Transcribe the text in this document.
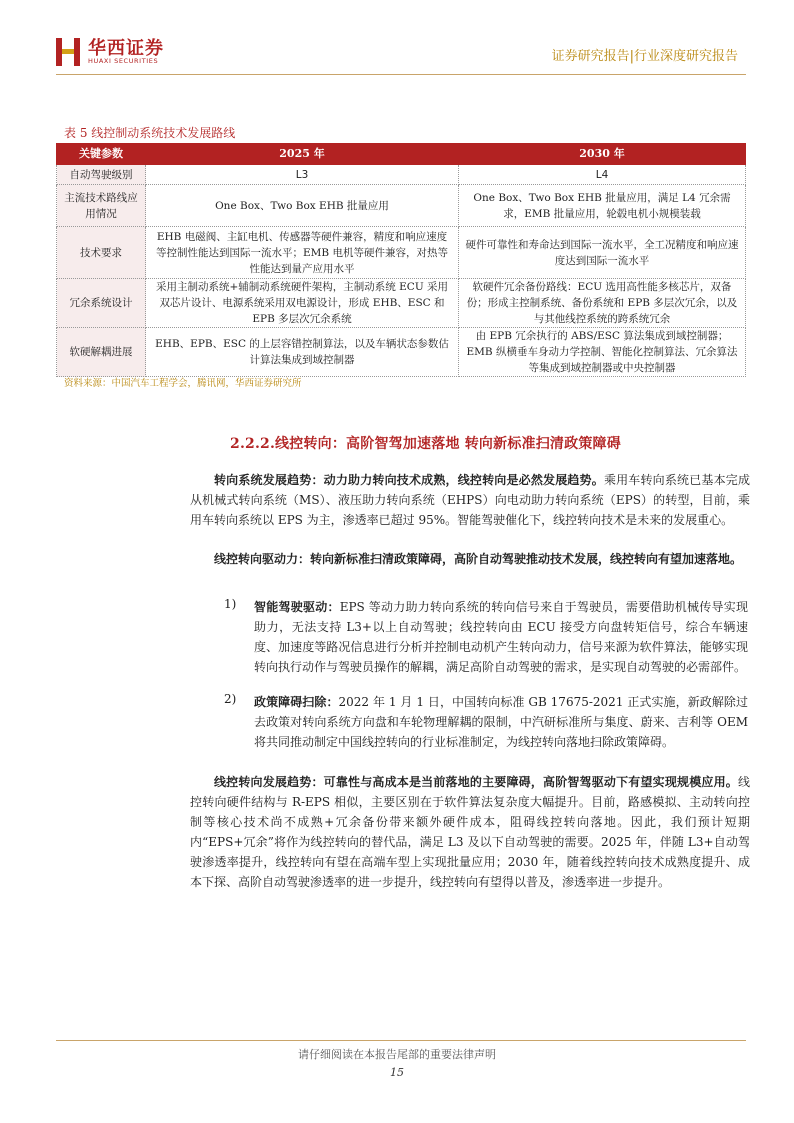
华西证券
HUAXI SECURITIES	证券研究报告|行业深度研究报告
表 5 线控制动系统技术发展路线
关键参数	2025 年	2030 年
自动驾驶级别	L3	L4
主流技术路线应用情况	One Box、Two Box EHB 批量应用	One Box、Two Box EHB 批量应用，满足 L4 冗余需求，EMB 批量应用，轮毂电机小规模装载
技术要求	EHB 电磁阀、主缸电机、传感器等硬件兼容，精度和响应速度等控制性能达到国际一流水平；EMB 电机等硬件兼容，对热等性能达到量产应用水平	硬件可靠性和寿命达到国际一流水平，全工况精度和响应速度达到国际一流水平
冗余系统设计	采用主制动系统+辅制动系统硬件架构，主制动系统 ECU 采用双芯片设计、电源系统采用双电源设计，形成 EHB、ESC 和 EPB 多层次冗余系统	软硬件冗余备份路线：ECU 选用高性能多核芯片，双备份；形成主控制系统、备份系统和 EPB 多层次冗余，以及与其他线控系统的跨系统冗余
软硬解耦进展	EHB、EPB、ESC 的上层容错控制算法，以及车辆状态参数估计算法集成到域控制器	由 EPB 冗余执行的 ABS/ESC 算法集成到域控制器；EMB 纵横垂车身动力学控制、智能化控制算法、冗余算法等集成到域控制器或中央控制器
资料来源：中国汽车工程学会，腾讯网，华西证券研究所
2.2.2.线控转向：高阶智驾加速落地 转向新标准扫清政策障碍
转向系统发展趋势：动力助力转向技术成熟，线控转向是必然发展趋势。乘用车转向系统已基本完成从机械式转向系统（MS）、液压助力转向系统（EHPS）向电动助力转向系统（EPS）的转型，目前，乘用车转向系统以 EPS 为主，渗透率已超过 95%。智能驾驶催化下，线控转向技术是未来的发展重心。
线控转向驱动力：转向新标准扫清政策障碍，高阶自动驾驶推动技术发展，线控转向有望加速落地。
1) 智能驾驶驱动：EPS 等动力助力转向系统的转向信号来自于驾驶员，需要借助机械传导实现助力，无法支持 L3+以上自动驾驶；线控转向由 ECU 接受方向盘转矩信号，综合车辆速度、加速度等路况信息进行分析并控制电动机产生转向动力，信号来源为软件算法，能够实现转向执行动作与驾驶员操作的解耦，满足高阶自动驾驶的需求，是实现自动驾驶的必需部件。
2) 政策障碍扫除：2022 年 1 月 1 日，中国转向标准 GB 17675-2021 正式实施，新政解除过去政策对转向系统方向盘和车轮物理解耦的限制，中汽研标准所与集度、蔚来、吉利等 OEM 将共同推动制定中国线控转向的行业标准制定，为线控转向落地扫除政策障碍。
线控转向发展趋势：可靠性与高成本是当前落地的主要障碍，高阶智驾驱动下有望实现规模应用。线控转向硬件结构与 R-EPS 相似，主要区别在于软件算法复杂度大幅提升。目前，路感模拟、主动转向控制等核心技术尚不成熟+冗余备份带来额外硬件成本，阻碍线控转向落地。因此，我们预计短期内“EPS+冗余”将作为线控转向的替代品，满足 L3 及以下自动驾驶的需要。2025 年，伴随 L3+自动驾驶渗透率提升，线控转向有望在高端车型上实现批量应用；2030 年，随着线控转向技术成熟度提升、成本下探、高阶自动驾驶渗透率的进一步提升，线控转向有望得以普及，渗透率进一步提升。
请仔细阅读在本报告尾部的重要法律声明
15
